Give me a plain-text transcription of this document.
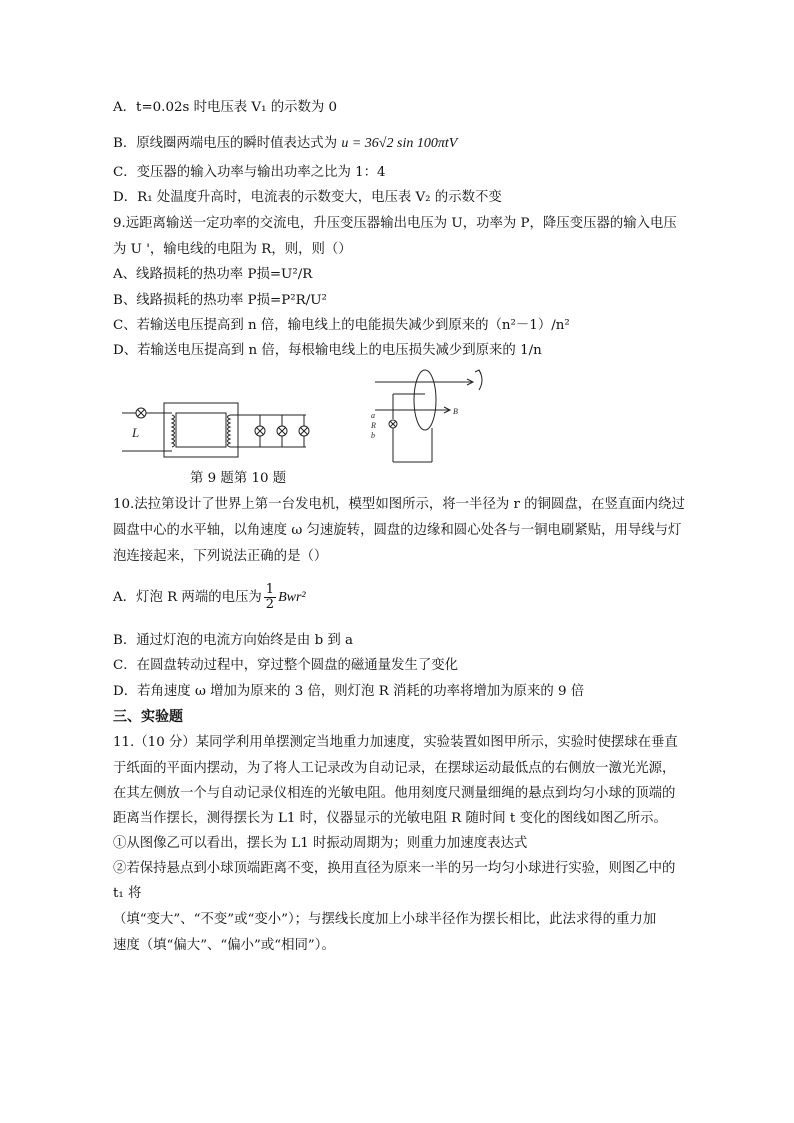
A．t=0.02s 时电压表 V₁ 的示数为 0
B．原线圈两端电压的瞬时值表达式为 u = 36√2 sin 100πtV
C．变压器的输入功率与输出功率之比为 1：4
D．R₁ 处温度升高时，电流表的示数变大，电压表 V₂ 的示数不变
9.远距离输送一定功率的交流电，升压变压器输出电压为 U，功率为 P，降压变压器的输入电压
为 U '，输电线的电阻为 R，则，则（）
A、线路损耗的热功率 P损=U²/R
B、线路损耗的热功率 P损=P²R/U²
C、若输送电压提高到 n 倍，输电线上的电能损失减少到原来的（n²－1）/n²
D、若输送电压提高到 n 倍，每根输电线上的电压损失减少到原来的 1/n
L
a
R
b
B
第 9 题第 10 题
10.法拉第设计了世界上第一台发电机，模型如图所示，将一半径为 r 的铜圆盘，在竖直面内绕过
圆盘中心的水平轴，以角速度 ω 匀速旋转，圆盘的边缘和圆心处各与一铜电刷紧贴，用导线与灯
泡连接起来，下列说法正确的是（）
A．灯泡 R 两端的电压为 $\frac{1}{2} Bwr^2$
B．通过灯泡的电流方向始终是由 b 到 a
C．在圆盘转动过程中，穿过整个圆盘的磁通量发生了变化
D．若角速度 ω 增加为原来的 3 倍，则灯泡 R 消耗的功率将增加为原来的 9 倍
三、实验题
11.（10 分）某同学利用单摆测定当地重力加速度，实验装置如图甲所示，实验时使摆球在垂直
于纸面的平面内摆动，为了将人工记录改为自动记录，在摆球运动最低点的右侧放一激光光源，
在其左侧放一个与自动记录仪相连的光敏电阻。他用刻度尺测量细绳的悬点到均匀小球的顶端的
距离当作摆长，测得摆长为 L1 时，仪器显示的光敏电阻 R 随时间 t 变化的图线如图乙所示。
①从图像乙可以看出，摆长为 L1 时振动周期为；则重力加速度表达式
②若保持悬点到小球顶端距离不变，换用直径为原来一半的另一均匀小球进行实验，则图乙中的
t₁ 将
（填“变大”、“不变”或“变小”）；与摆线长度加上小球半径作为摆长相比，此法求得的重力加
速度（填“偏大”、“偏小”或“相同”）。
